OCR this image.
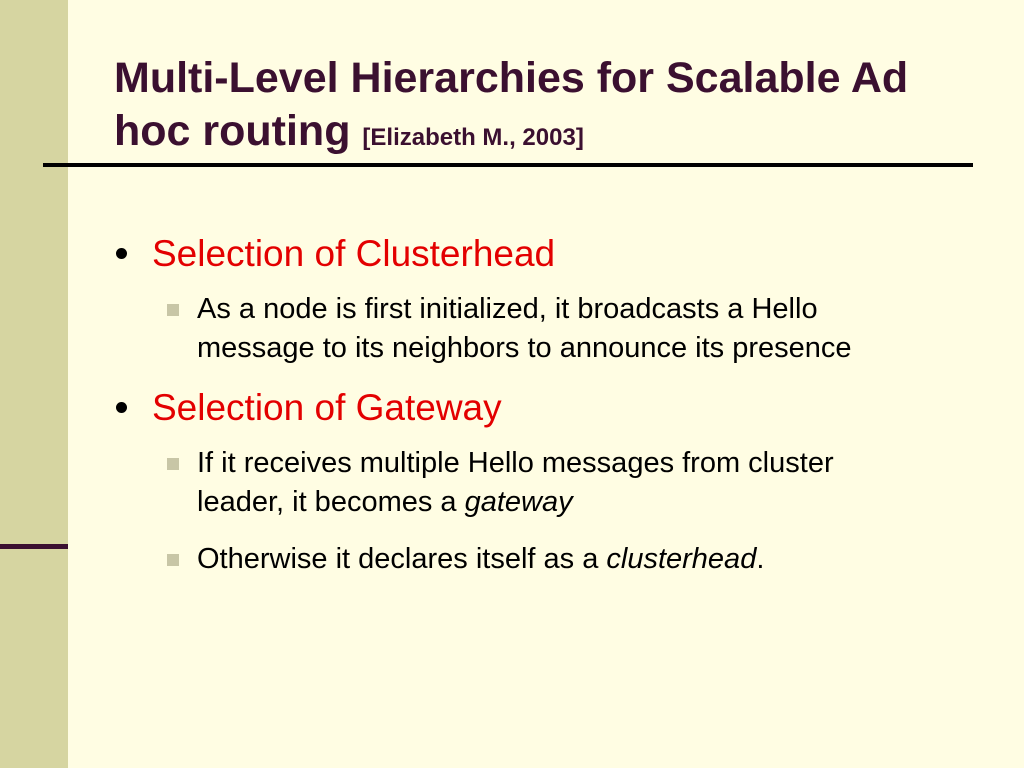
Multi-Level Hierarchies for Scalable Ad hoc routing [Elizabeth M., 2003]
Selection of Clusterhead
As a node is first initialized, it broadcasts a Hello message to its neighbors to announce its presence
Selection of Gateway
If it receives multiple Hello messages from cluster leader, it becomes a gateway
Otherwise it declares itself as a clusterhead.
